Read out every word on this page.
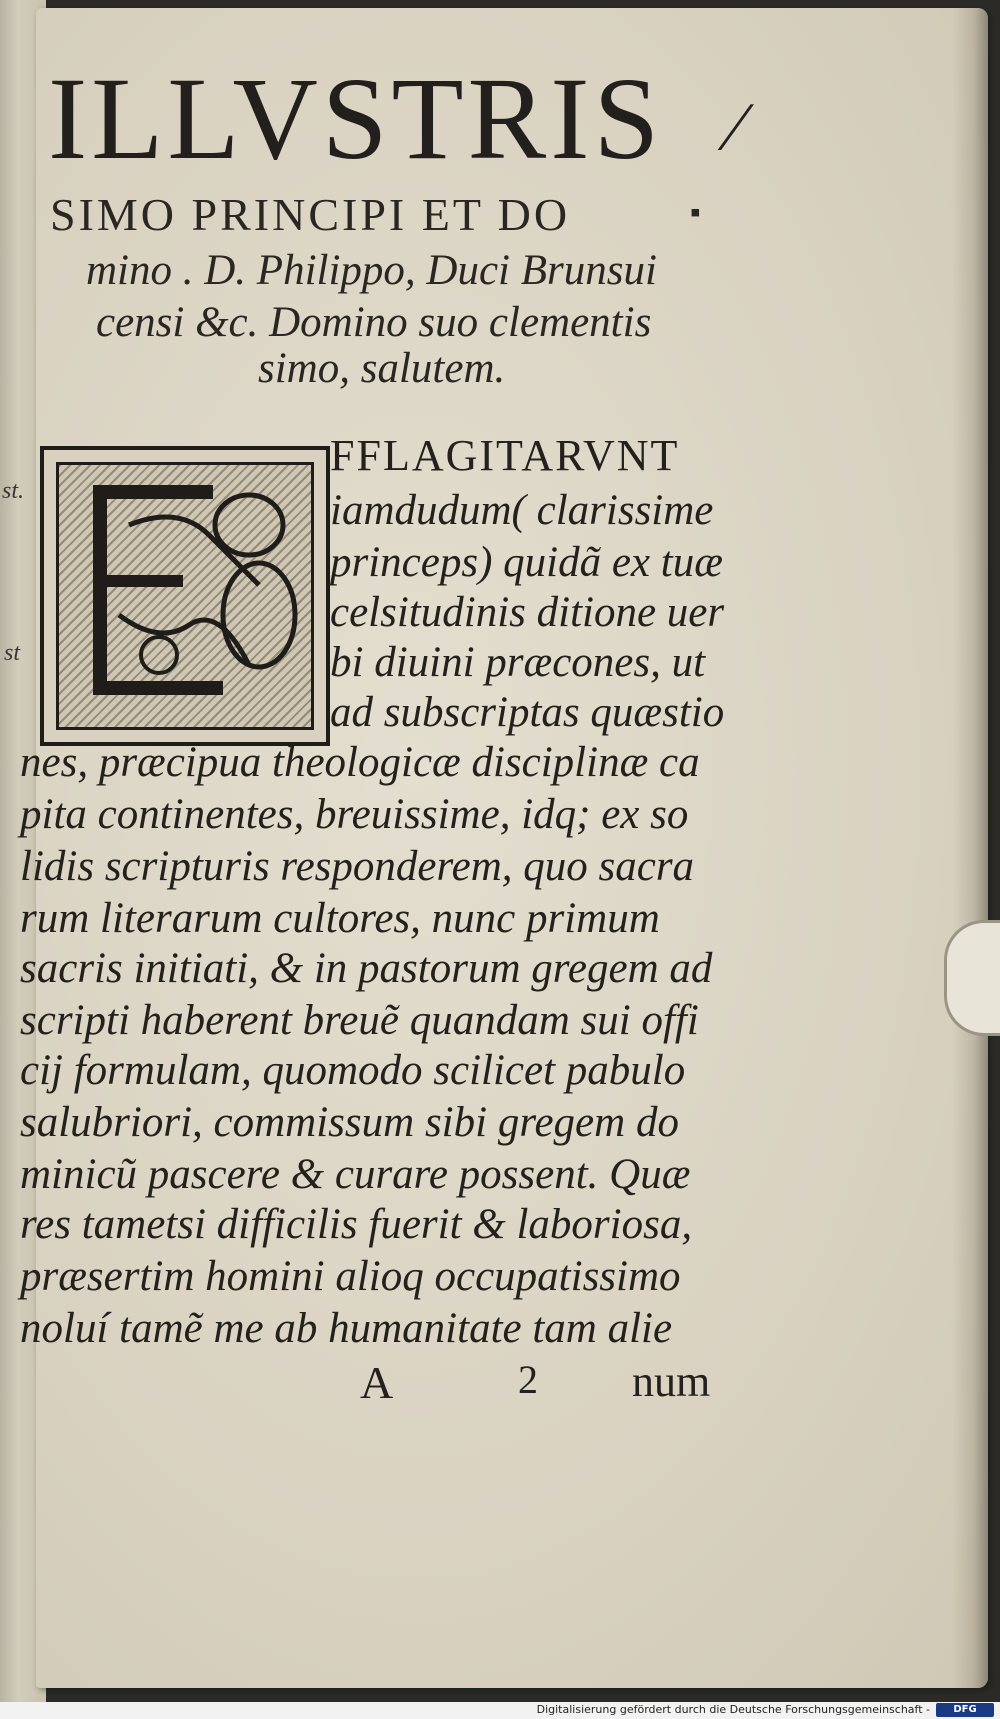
st.
st
ILLVSTRIS ⁄
SIMO PRINCIPI ET DO	▪
mino . D. Philippo, Duci Brunsui
censi &c. Domino suo clementis
simo, salutem.
FFLAGITARVNT
iamdudum( clarissime
princeps) quidã ex tuæ
celsitudinis ditione uer
bi diuini præcones, ut
ad subscriptas quæstio
nes, præcipua theologicæ disciplinæ ca
pita continentes, breuissime, idq; ex so
lidis scripturis responderem, quo sacra
rum literarum cultores, nunc primum
sacris initiati, & in pastorum gregem ad
scripti haberent breuẽ quandam sui offi
cij formulam, quomodo scilicet pabulo
salubriori, commissum sibi gregem do
minicũ pascere & curare possent. Quæ
res tametsi difficilis fuerit & laboriosa,
præsertim homini alioq occupatissimo
noluí tamẽ me ab humanitate tam alie
A	2 num
Digitalisierung gefördert durch die Deutsche Forschungsgemeinschaft -	DFG
